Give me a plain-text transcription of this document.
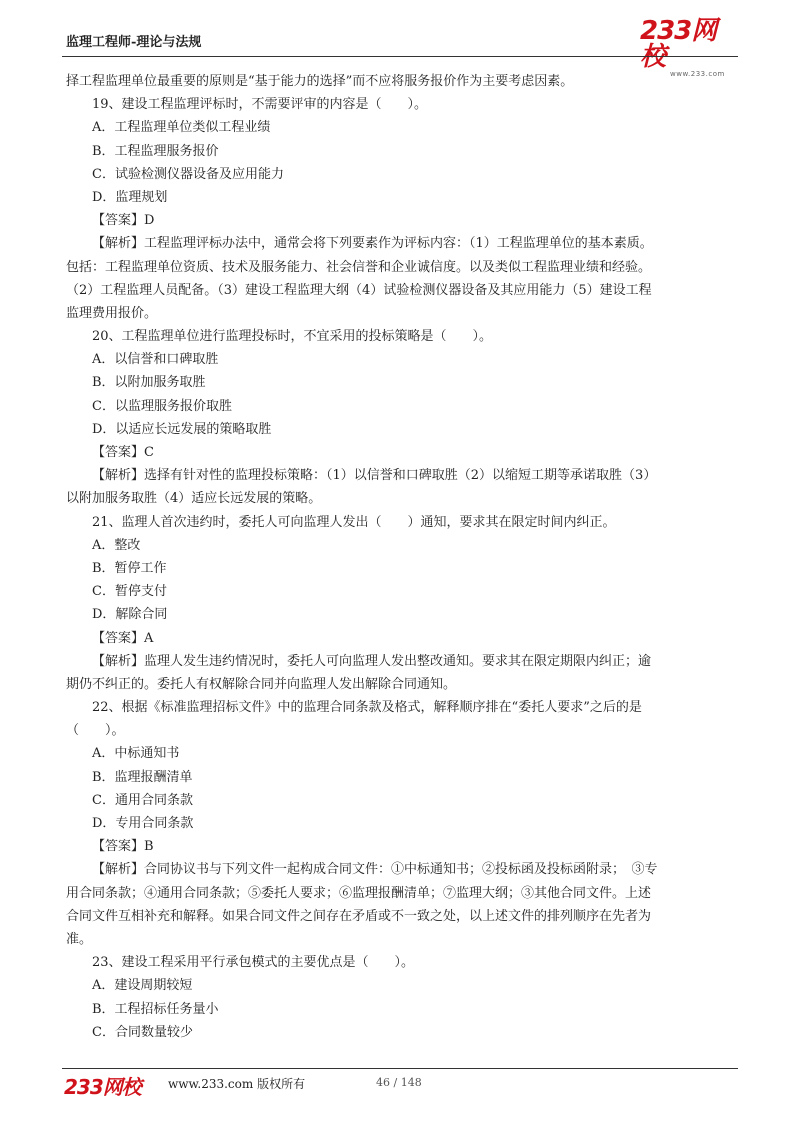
监理工程师-理论与法规	233网校
www.233.com
择工程监理单位最重要的原则是“基于能力的选择”而不应将服务报价作为主要考虑因素。
19、建设工程监理评标时，不需要评审的内容是（　　）。
A．工程监理单位类似工程业绩
B．工程监理服务报价
C．试验检测仪器设备及应用能力
D．监理规划
【答案】D
【解析】工程监理评标办法中，通常会将下列要素作为评标内容：（1）工程监理单位的基本素质。
包括：工程监理单位资质、技术及服务能力、社会信誉和企业诚信度。以及类似工程监理业绩和经验。
（2）工程监理人员配备。（3）建设工程监理大纲（4）试验检测仪器设备及其应用能力（5）建设工程
监理费用报价。
20、工程监理单位进行监理投标时，不宜采用的投标策略是（　　）。
A．以信誉和口碑取胜
B．以附加服务取胜
C．以监理服务报价取胜
D．以适应长远发展的策略取胜
【答案】C
【解析】选择有针对性的监理投标策略：（1）以信誉和口碑取胜（2）以缩短工期等承诺取胜（3）
以附加服务取胜（4）适应长远发展的策略。
21、监理人首次违约时，委托人可向监理人发出（　　）通知，要求其在限定时间内纠正。
A．整改
B．暂停工作
C．暂停支付
D．解除合同
【答案】A
【解析】监理人发生违约情况时，委托人可向监理人发出整改通知。要求其在限定期限内纠正；逾
期仍不纠正的。委托人有权解除合同并向监理人发出解除合同通知。
22、根据《标准监理招标文件》中的监理合同条款及格式，解释顺序排在“委托人要求”之后的是
（　　）。
A．中标通知书
B．监理报酬清单
C．通用合同条款
D．专用合同条款
【答案】B
【解析】合同协议书与下列文件一起构成合同文件：①中标通知书；②投标函及投标函附录；　③专
用合同条款；④通用合同条款；⑤委托人要求；⑥监理报酬清单；⑦监理大纲；③其他合同文件。上述
合同文件互相补充和解释。如果合同文件之间存在矛盾或不一致之处，以上述文件的排列顺序在先者为
准。
23、建设工程采用平行承包模式的主要优点是（　　）。
A．建设周期较短
B．工程招标任务量小
C．合同数量较少
233网校 www.233.com 版权所有	46 / 148
